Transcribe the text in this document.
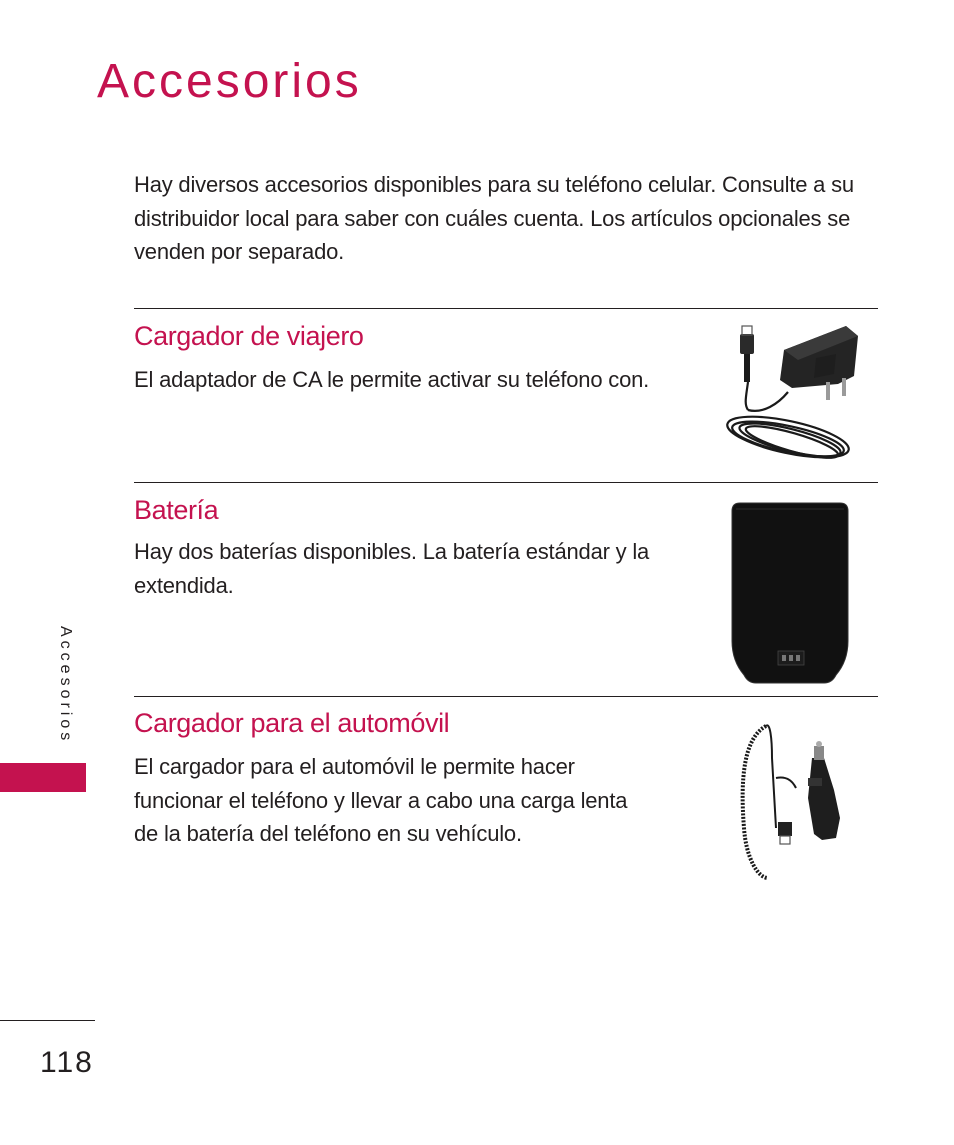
Accesorios

Hay diversos accesorios disponibles para su teléfono celular. Consulte a su distribuidor local para saber con cuáles cuenta. Los artículos opcionales se venden por separado.

Cargador de viajero

El adaptador de CA le permite activar su teléfono con.

Batería

Hay dos baterías disponibles. La batería estándar y la extendida.

Cargador para el automóvil

El cargador para el automóvil le permite hacer funcionar el teléfono y llevar a cabo una carga lenta de la batería del teléfono en su vehículo.

Accesorios
118
